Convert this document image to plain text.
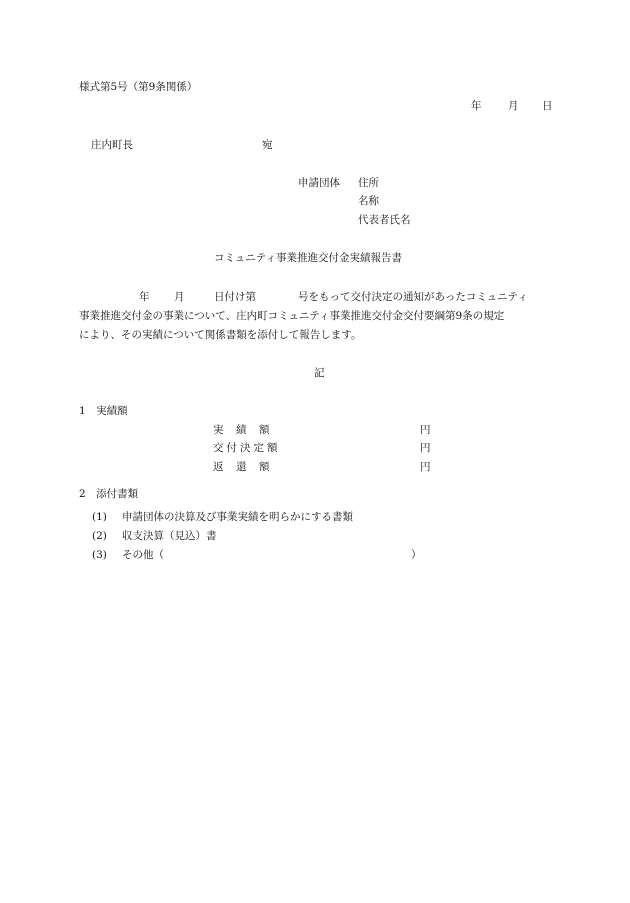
様式第5号（第9条関係）
年	月 日
庄内町長	宛
申請団体 住所
名称
代表者氏名
コミュニティ事業推進交付金実績報告書
年 月	日付け第	号をもって交付決定の通知があったコミュニティ
事業推進交付金の事業について、庄内町コミュニティ事業推進交付金交付要綱第9条の規定
により、その実績について関係書類を添付して報告します。
記
1　実績額
実　績　額	円
交付決定額	円
返　還　額	円
2　添付書類
(1) 申請団体の決算及び事業実績を明らかにする書類
(2) 収支決算（見込）書
(3) その他（	）
